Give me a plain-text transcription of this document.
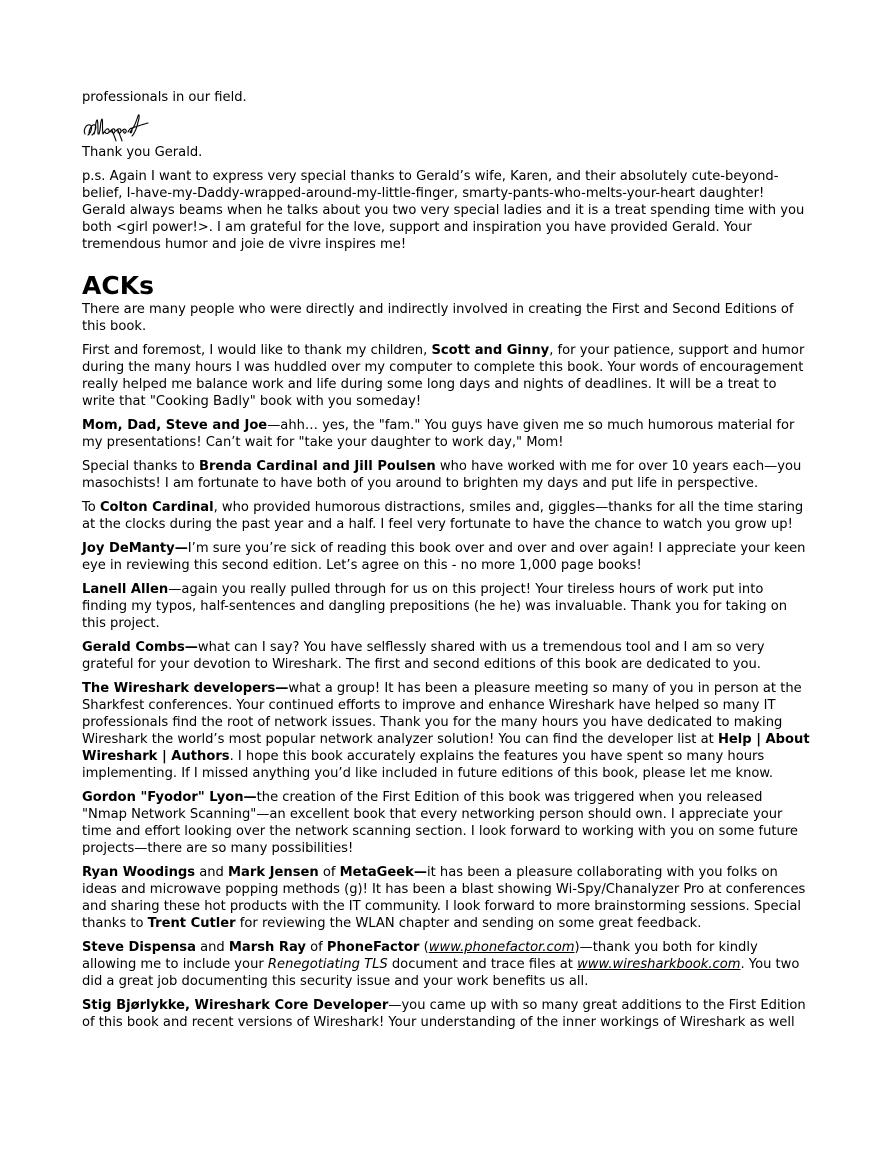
professionals in our field.

Thank you Gerald.

p.s. Again I want to express very special thanks to Gerald’s wife, Karen, and their absolutely cute-beyond-belief, I-have-my-Daddy-wrapped-around-my-little-finger, smarty-pants-who-melts-your-heart daughter! Gerald always beams when he talks about you two very special ladies and it is a treat spending time with you both <girl power!>. I am grateful for the love, support and inspiration you have provided Gerald. Your tremendous humor and joie de vivre inspires me!

ACKs

There are many people who were directly and indirectly involved in creating the First and Second Editions of this book.

First and foremost, I would like to thank my children, Scott and Ginny, for your patience, support and humor during the many hours I was huddled over my computer to complete this book. Your words of encouragement really helped me balance work and life during some long days and nights of deadlines. It will be a treat to write that "Cooking Badly" book with you someday!

Mom, Dad, Steve and Joe—ahh… yes, the "fam." You guys have given me so much humorous material for my presentations! Can’t wait for "take your daughter to work day," Mom!

Special thanks to Brenda Cardinal and Jill Poulsen who have worked with me for over 10 years each—you masochists! I am fortunate to have both of you around to brighten my days and put life in perspective.

To Colton Cardinal, who provided humorous distractions, smiles and, giggles—thanks for all the time staring at the clocks during the past year and a half. I feel very fortunate to have the chance to watch you grow up!

Joy DeManty—I’m sure you’re sick of reading this book over and over and over again! I appreciate your keen eye in reviewing this second edition. Let’s agree on this - no more 1,000 page books!

Lanell Allen—again you really pulled through for us on this project! Your tireless hours of work put into finding my typos, half-sentences and dangling prepositions (he he) was invaluable. Thank you for taking on this project.

Gerald Combs—what can I say? You have selflessly shared with us a tremendous tool and I am so very grateful for your devotion to Wireshark. The first and second editions of this book are dedicated to you.

The Wireshark developers—what a group! It has been a pleasure meeting so many of you in person at the Sharkfest conferences. Your continued efforts to improve and enhance Wireshark have helped so many IT professionals find the root of network issues. Thank you for the many hours you have dedicated to making Wireshark the world’s most popular network analyzer solution! You can find the developer list at Help | About Wireshark | Authors. I hope this book accurately explains the features you have spent so many hours implementing. If I missed anything you’d like included in future editions of this book, please let me know.

Gordon "Fyodor" Lyon—the creation of the First Edition of this book was triggered when you released "Nmap Network Scanning"—an excellent book that every networking person should own. I appreciate your time and effort looking over the network scanning section. I look forward to working with you on some future projects—there are so many possibilities!

Ryan Woodings and Mark Jensen of MetaGeek—it has been a pleasure collaborating with you folks on ideas and microwave popping methods (g)! It has been a blast showing Wi-Spy/Chanalyzer Pro at conferences and sharing these hot products with the IT community. I look forward to more brainstorming sessions. Special thanks to Trent Cutler for reviewing the WLAN chapter and sending on some great feedback.

Steve Dispensa and Marsh Ray of PhoneFactor (www.phonefactor.com)—thank you both for kindly allowing me to include your Renegotiating TLS document and trace files at www.wiresharkbook.com. You two did a great job documenting this security issue and your work benefits us all.

Stig Bjørlykke, Wireshark Core Developer—you came up with so many great additions to the First Edition of this book and recent versions of Wireshark! Your understanding of the inner workings of Wireshark as well
